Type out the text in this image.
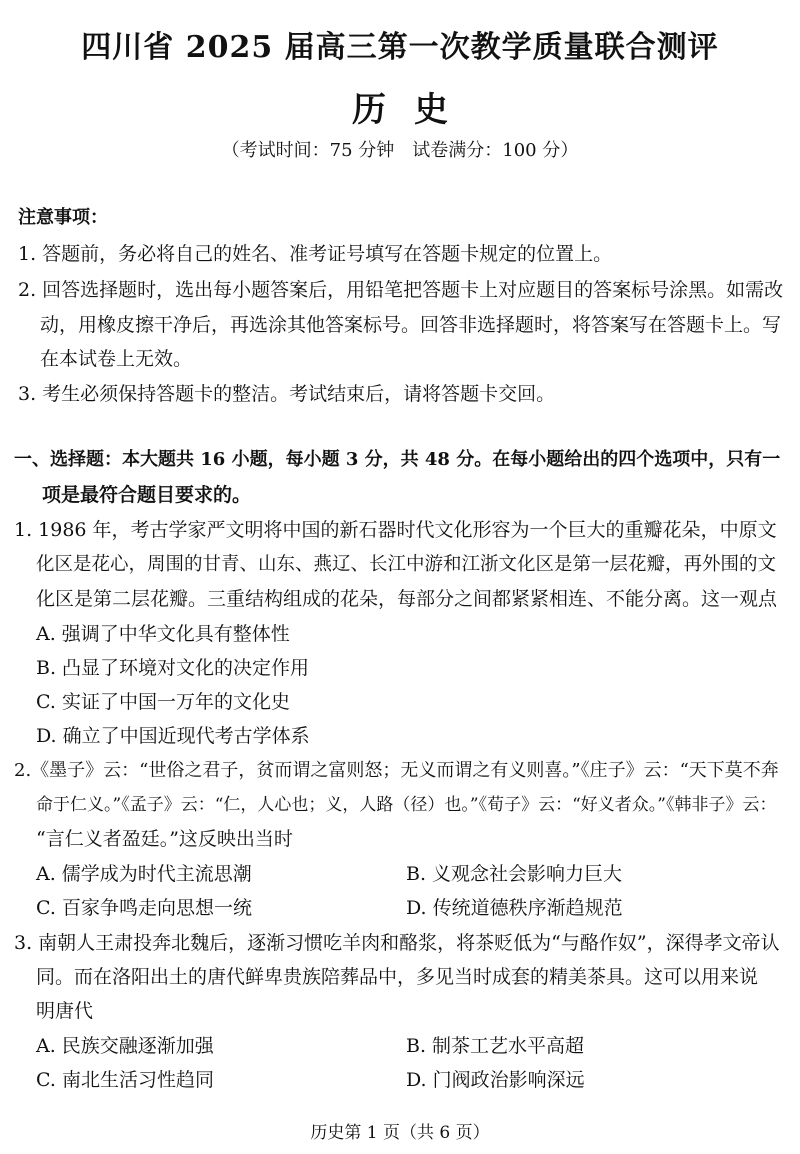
四川省 2025 届高三第一次教学质量联合测评
历史
（考试时间：75 分钟　试卷满分：100 分）
注意事项：
1. 答题前，务必将自己的姓名、准考证号填写在答题卡规定的位置上。
2. 回答选择题时，选出每小题答案后，用铅笔把答题卡上对应题目的答案标号涂黑。如需改
动，用橡皮擦干净后，再选涂其他答案标号。回答非选择题时，将答案写在答题卡上。写
在本试卷上无效。
3. 考生必须保持答题卡的整洁。考试结束后，请将答题卡交回。
一、选择题：本大题共 16 小题，每小题 3 分，共 48 分。在每小题给出的四个选项中，只有一
项是最符合题目要求的。
1. 1986 年，考古学家严文明将中国的新石器时代文化形容为一个巨大的重瓣花朵，中原文
化区是花心，周围的甘青、山东、燕辽、长江中游和江浙文化区是第一层花瓣，再外围的文
化区是第二层花瓣。三重结构组成的花朵，每部分之间都紧紧相连、不能分离。这一观点
A. 强调了中华文化具有整体性
B. 凸显了环境对文化的决定作用
C. 实证了中国一万年的文化史
D. 确立了中国近现代考古学体系
2.《墨子》云：“世俗之君子，贫而谓之富则怒；无义而谓之有义则喜。”《庄子》云：“天下莫不奔
命于仁义。”《孟子》云：“仁，人心也；义，人路（径）也。”《荀子》云：“好义者众。”《韩非子》云：
“言仁义者盈廷。”这反映出当时
A. 儒学成为时代主流思潮	B. 义观念社会影响力巨大
C. 百家争鸣走向思想一统	D. 传统道德秩序渐趋规范
3. 南朝人王肃投奔北魏后，逐渐习惯吃羊肉和酪浆，将茶贬低为“与酪作奴”，深得孝文帝认
同。而在洛阳出土的唐代鲜卑贵族陪葬品中，多见当时成套的精美茶具。这可以用来说
明唐代
A. 民族交融逐渐加强	B. 制茶工艺水平高超
C. 南北生活习性趋同	D. 门阀政治影响深远
历史第 1 页（共 6 页）
